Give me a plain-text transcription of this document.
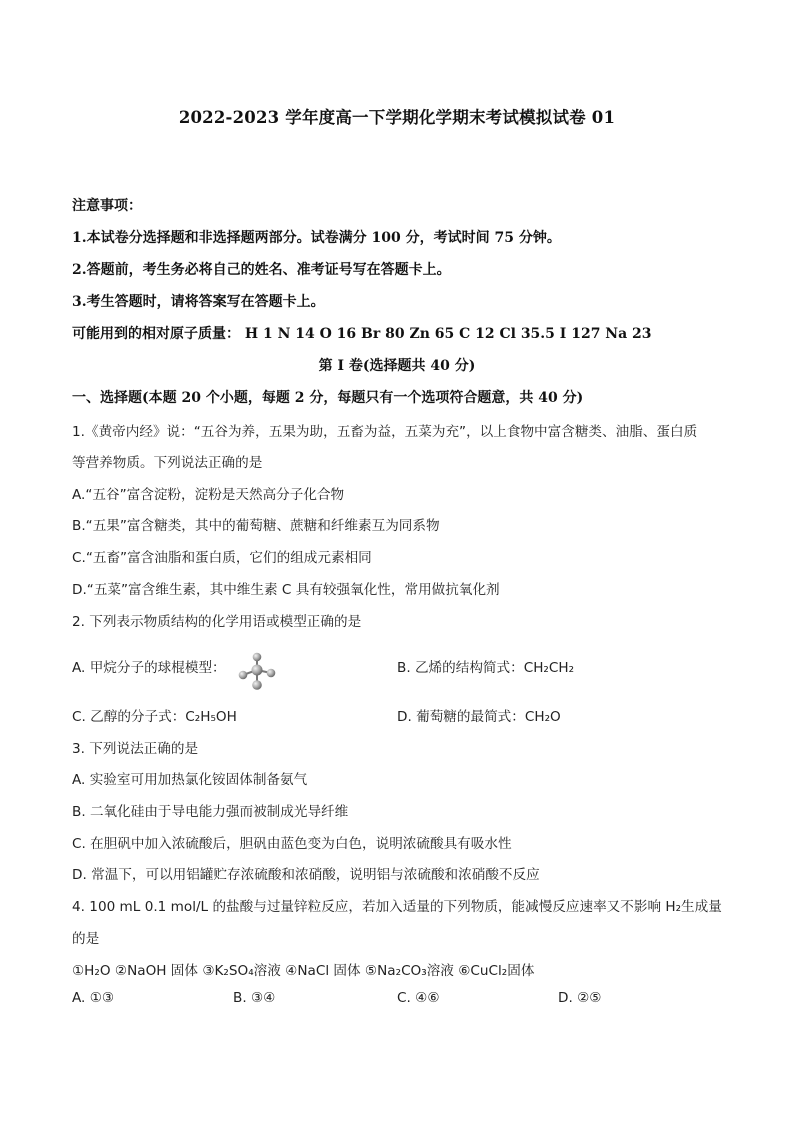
2022-2023 学年度高一下学期化学期末考试模拟试卷 01
注意事项：
1.本试卷分选择题和非选择题两部分。试卷满分 100 分，考试时间 75 分钟。
2.答题前，考生务必将自己的姓名、准考证号写在答题卡上。
3.考生答题时，请将答案写在答题卡上。
可能用到的相对原子质量： H 1 N 14 O 16 Br 80 Zn 65 C 12 Cl 35.5 I 127 Na 23
第 I 卷(选择题共 40 分)
一、选择题(本题 20 个小题，每题 2 分，每题只有一个选项符合题意，共 40 分)
1.《黄帝内经》说：“五谷为养，五果为助，五畜为益，五菜为充”，以上食物中富含糖类、油脂、蛋白质
等营养物质。下列说法正确的是
A.“五谷”富含淀粉，淀粉是天然高分子化合物
B.“五果”富含糖类，其中的葡萄糖、蔗糖和纤维素互为同系物
C.“五畜”富含油脂和蛋白质，它们的组成元素相同
D.“五菜”富含维生素，其中维生素 C 具有较强氧化性，常用做抗氧化剂
2. 下列表示物质结构的化学用语或模型正确的是
A. 甲烷分子的球棍模型：	B. 乙烯的结构简式：CH₂CH₂
C. 乙醇的分子式：C₂H₅OH	D. 葡萄糖的最简式：CH₂O
3. 下列说法正确的是
A. 实验室可用加热氯化铵固体制备氨气
B. 二氧化硅由于导电能力强而被制成光导纤维
C. 在胆矾中加入浓硫酸后，胆矾由蓝色变为白色，说明浓硫酸具有吸水性
D. 常温下，可以用铝罐贮存浓硫酸和浓硝酸，说明铝与浓硫酸和浓硝酸不反应
4. 100 mL 0.1 mol/L 的盐酸与过量锌粒反应，若加入适量的下列物质，能减慢反应速率又不影响 H₂生成量
的是
①H₂O ②NaOH 固体 ③K₂SO₄溶液 ④NaCl 固体 ⑤Na₂CO₃溶液 ⑥CuCl₂固体
A. ①③	B. ③④	C. ④⑥	D. ②⑤
